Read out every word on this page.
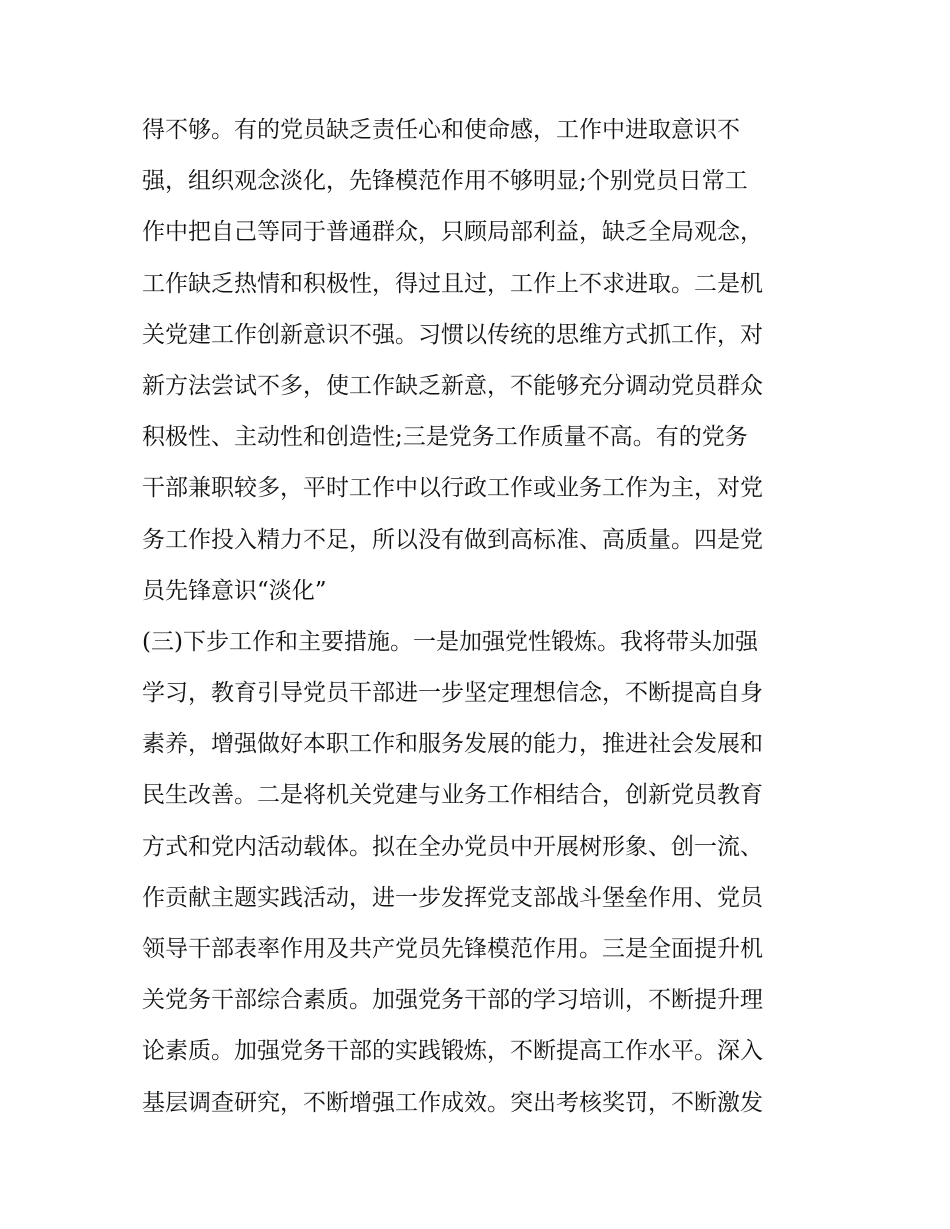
得不够。有的党员缺乏责任心和使命感，工作中进取意识不
强，组织观念淡化，先锋模范作用不够明显;个别党员日常工
作中把自己等同于普通群众，只顾局部利益，缺乏全局观念，
工作缺乏热情和积极性，得过且过，工作上不求进取。二是机
关党建工作创新意识不强。习惯以传统的思维方式抓工作，对
新方法尝试不多，使工作缺乏新意，不能够充分调动党员群众
积极性、主动性和创造性;三是党务工作质量不高。有的党务
干部兼职较多，平时工作中以行政工作或业务工作为主，对党
务工作投入精力不足，所以没有做到高标准、高质量。四是党
员先锋意识“淡化”
(三)下步工作和主要措施。一是加强党性锻炼。我将带头加强
学习，教育引导党员干部进一步坚定理想信念，不断提高自身
素养，增强做好本职工作和服务发展的能力，推进社会发展和
民生改善。二是将机关党建与业务工作相结合，创新党员教育
方式和党内活动载体。拟在全办党员中开展树形象、创一流、
作贡献主题实践活动，进一步发挥党支部战斗堡垒作用、党员
领导干部表率作用及共产党员先锋模范作用。三是全面提升机
关党务干部综合素质。加强党务干部的学习培训，不断提升理
论素质。加强党务干部的实践锻炼，不断提高工作水平。深入
基层调查研究，不断增强工作成效。突出考核奖罚，不断激发
